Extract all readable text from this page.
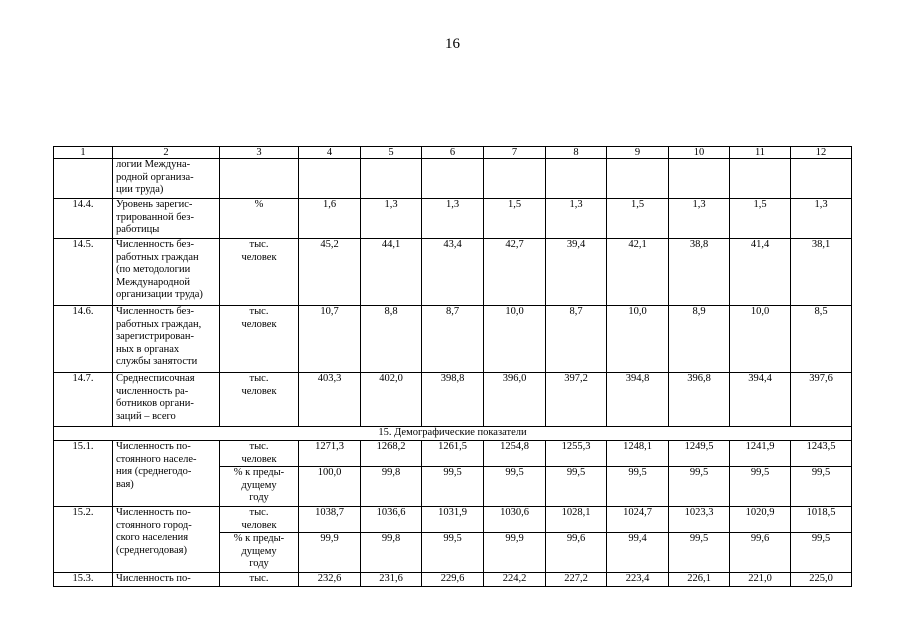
16
1	2	3	4	5	6	7	8	9	10	11	12
	логии Междуна-
родной организа-
ции труда)										
14.4.	Уровень зарегис-
трированной без-
работицы	%	1,6	1,3	1,3	1,5	1,3	1,5	1,3	1,5	1,3
14.5.	Численность без-
работных граждан
(по методологии
Международной
организации труда)	тыс.
человек	45,2	44,1	43,4	42,7	39,4	42,1	38,8	41,4	38,1
14.6.	Численность без-
работных граждан,
зарегистрирован-
ных в органах
службы занятости	тыс.
человек	10,7	8,8	8,7	10,0	8,7	10,0	8,9	10,0	8,5
14.7.	Среднесписочная
численность ра-
ботников органи-
заций – всего	тыс.
человек	403,3	402,0	398,8	396,0	397,2	394,8	396,8	394,4	397,6
15. Демографические показатели											
15.1.	Численность по-
стоянного населе-
ния (среднегодо-
вая)	тыс.
человек	1271,3	1268,2	1261,5	1254,8	1255,3	1248,1	1249,5	1241,9	1243,5
		% к преды-
дущему
году	100,0	99,8	99,5	99,5	99,5	99,5	99,5	99,5	99,5
15.2.	Численность по-
стоянного город-
ского населения
(среднегодовая)	тыс.
человек	1038,7	1036,6	1031,9	1030,6	1028,1	1024,7	1023,3	1020,9	1018,5
		% к преды-
дущему
году	99,9	99,8	99,5	99,9	99,6	99,4	99,5	99,6	99,5
15.3.	Численность по-	тыс.	232,6	231,6	229,6	224,2	227,2	223,4	226,1	221,0	225,0
